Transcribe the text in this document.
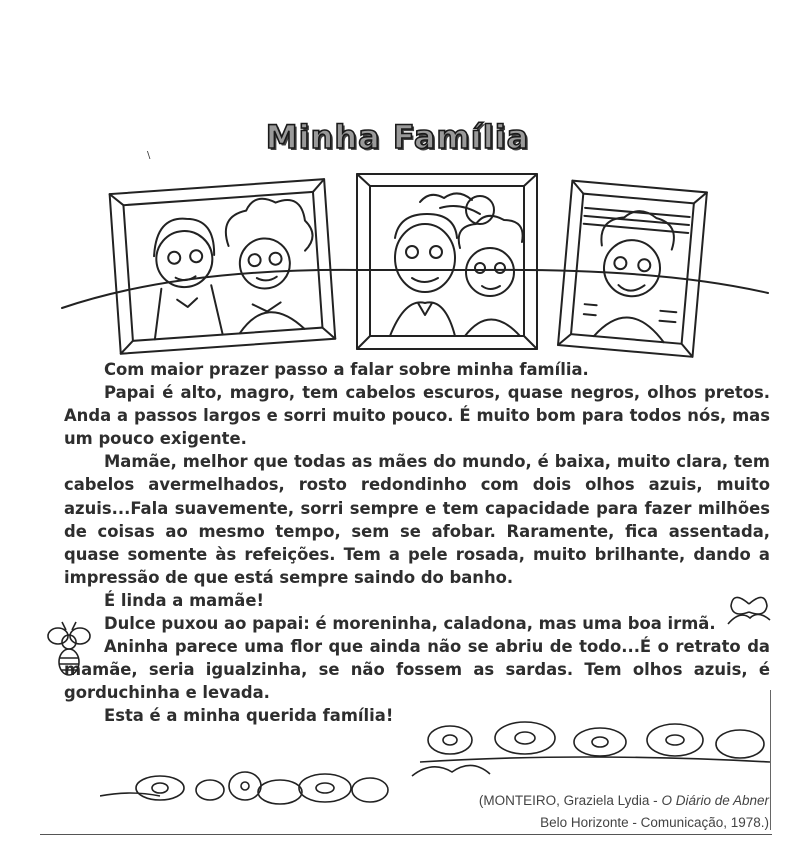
Minha Família
\

Com maior prazer passo a falar sobre minha família.

Papai é alto, magro, tem cabelos escuros, quase negros, olhos pretos. Anda a passos largos e sorri muito pouco. É muito bom para todos nós, mas um pouco exigente.

Mamãe, melhor que todas as mães do mundo, é baixa, muito clara, tem cabelos avermelhados, rosto redondinho com dois olhos azuis, muito azuis...Fala suavemente, sorri sempre e tem capacidade para fazer milhões de coisas ao mesmo tempo, sem se afobar. Raramente, fica assentada, quase somente às refeições. Tem a pele rosada, muito brilhante, dando a impressão de que está sempre saindo do banho.

É linda a mamãe!

Dulce puxou ao papai: é moreninha, caladona, mas uma boa irmã.

Aninha parece uma flor que ainda não se abriu de todo...É o retrato da mamãe, seria igualzinha, se não fossem as sardas. Tem olhos azuis, é gorduchinha e levada.

Esta é a minha querida família!

(MONTEIRO, Graziela Lydia - O Diário de Abner
Belo Horizonte - Comunicação, 1978.)
